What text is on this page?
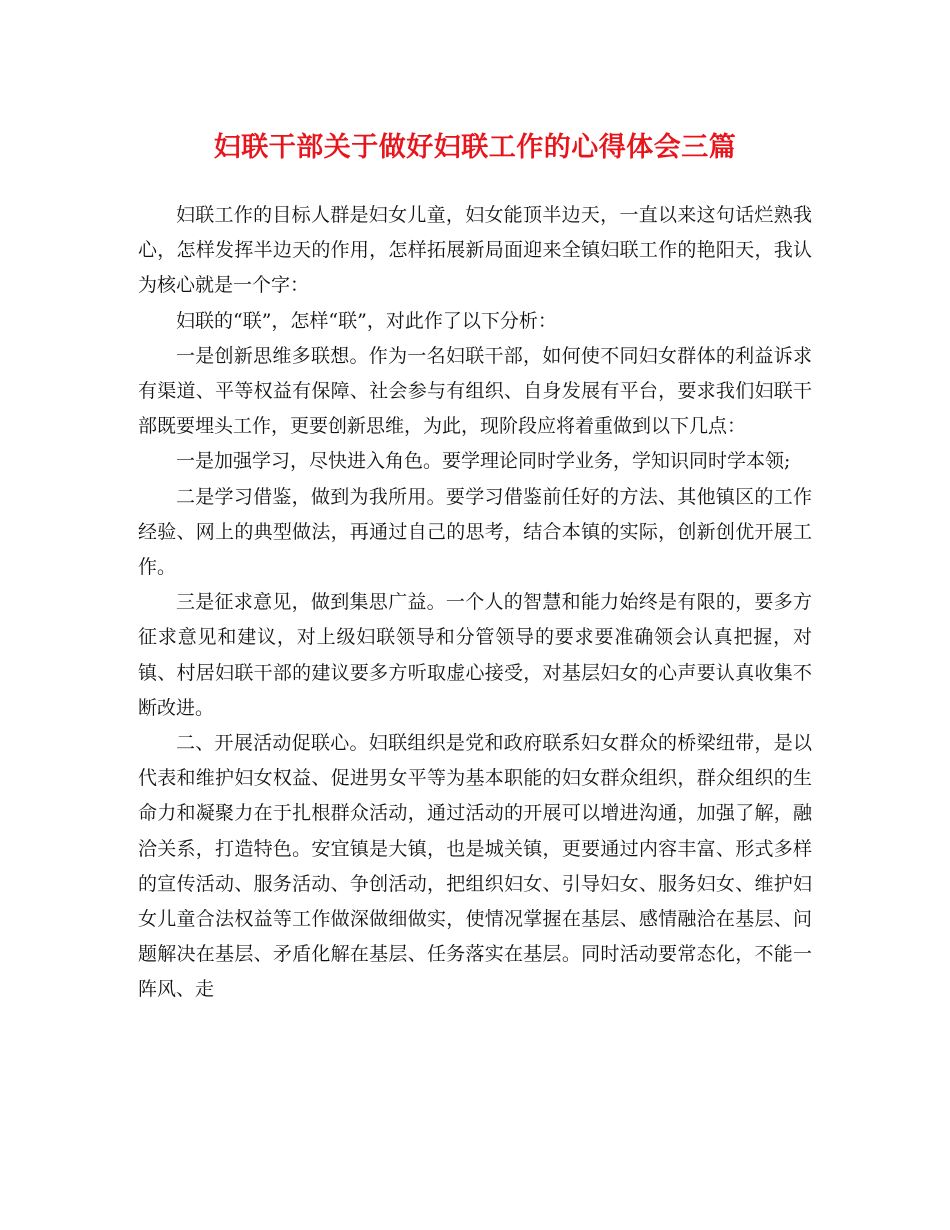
妇联干部关于做好妇联工作的心得体会三篇

妇联工作的目标人群是妇女儿童，妇女能顶半边天，一直以来这句话烂熟我心，怎样发挥半边天的作用，怎样拓展新局面迎来全镇妇联工作的艳阳天，我认为核心就是一个字：

妇联的“联”，怎样“联”，对此作了以下分析：

一是创新思维多联想。作为一名妇联干部，如何使不同妇女群体的利益诉求有渠道、平等权益有保障、社会参与有组织、自身发展有平台，要求我们妇联干部既要埋头工作，更要创新思维，为此，现阶段应将着重做到以下几点：

一是加强学习，尽快进入角色。要学理论同时学业务，学知识同时学本领;

二是学习借鉴，做到为我所用。要学习借鉴前任好的方法、其他镇区的工作经验、网上的典型做法，再通过自己的思考，结合本镇的实际，创新创优开展工作。

三是征求意见，做到集思广益。一个人的智慧和能力始终是有限的，要多方征求意见和建议，对上级妇联领导和分管领导的要求要准确领会认真把握，对镇、村居妇联干部的建议要多方听取虚心接受，对基层妇女的心声要认真收集不断改进。

二、开展活动促联心。妇联组织是党和政府联系妇女群众的桥梁纽带，是以代表和维护妇女权益、促进男女平等为基本职能的妇女群众组织，群众组织的生命力和凝聚力在于扎根群众活动，通过活动的开展可以增进沟通，加强了解，融洽关系，打造特色。安宜镇是大镇，也是城关镇，更要通过内容丰富、形式多样的宣传活动、服务活动、争创活动，把组织妇女、引导妇女、服务妇女、维护妇女儿童合法权益等工作做深做细做实，使情况掌握在基层、感情融洽在基层、问题解决在基层、矛盾化解在基层、任务落实在基层。同时活动要常态化，不能一阵风、走
